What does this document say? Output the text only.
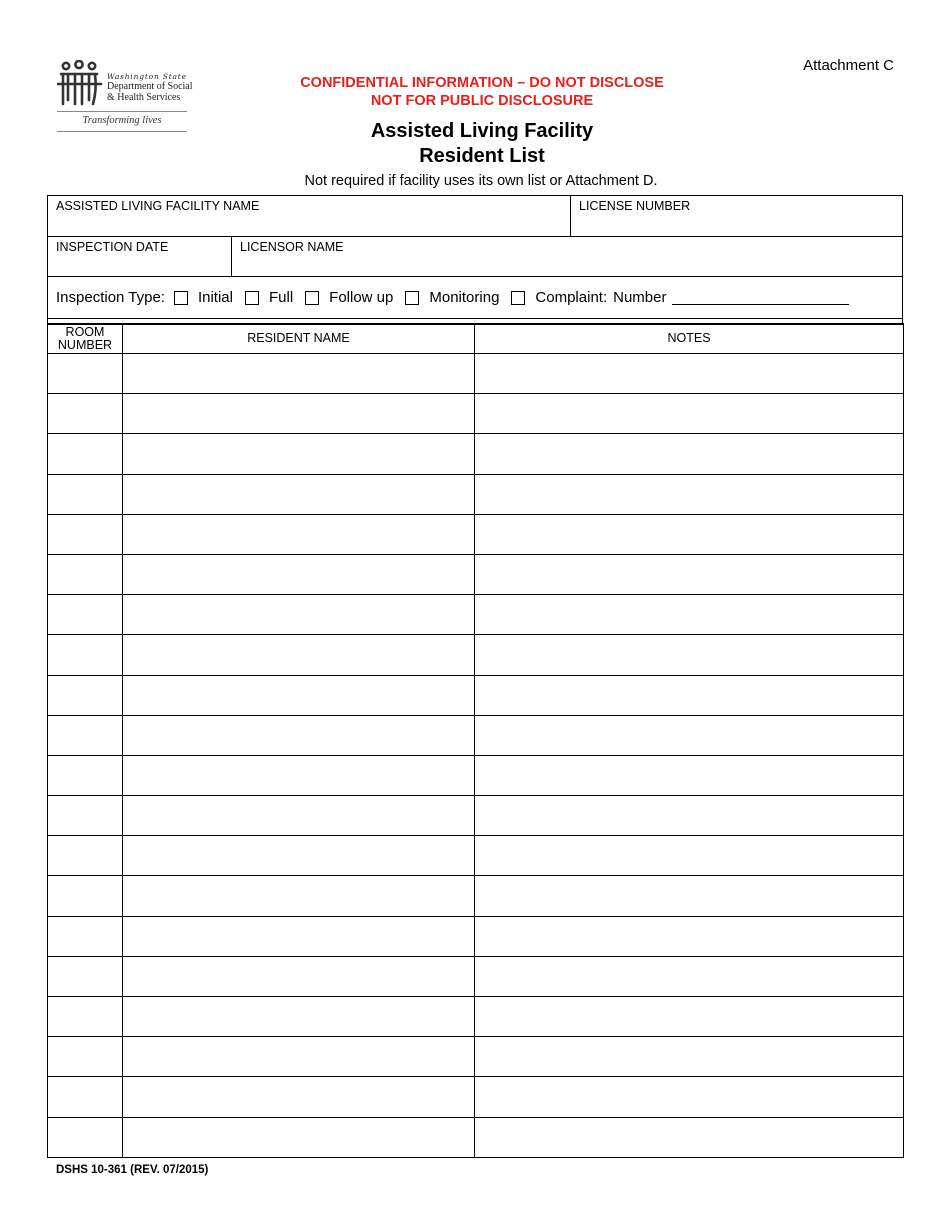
Attachment C
Washington State
Department of Social
& Health Services
Transforming lives
CONFIDENTIAL INFORMATION – DO NOT DISCLOSE
NOT FOR PUBLIC DISCLOSURE
Assisted Living Facility
Resident List
Not required if facility uses its own list or Attachment D.
ASSISTED LIVING FACILITY NAME	LICENSE NUMBER
INSPECTION DATE	LICENSOR NAME
Inspection Type: Initial Full Follow up Monitoring Complaint: Number
ROOM
NUMBER	RESIDENT NAME	NOTES

DSHS 10-361 (REV. 07/2015)
